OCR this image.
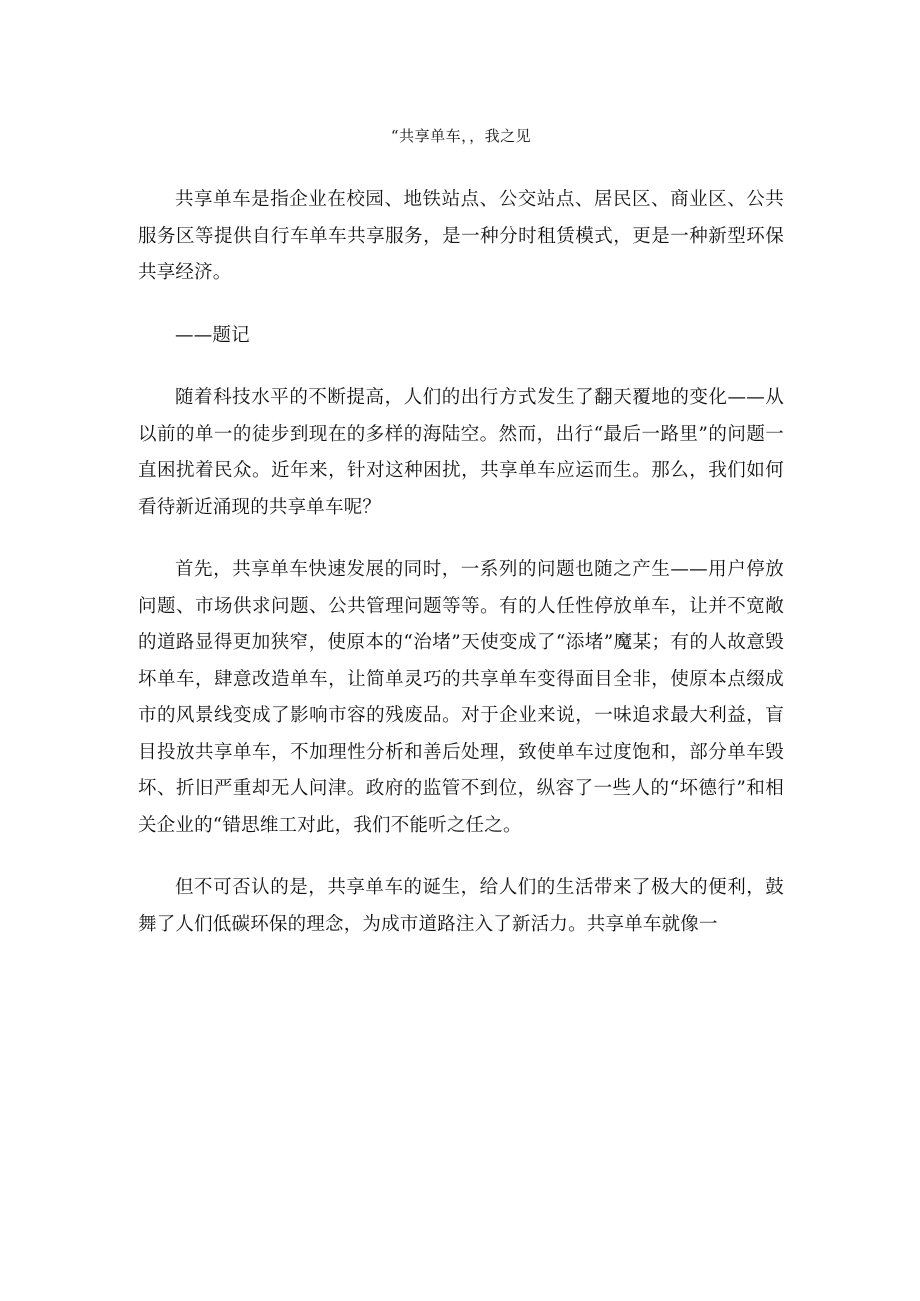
“共享单车，，我之见

共享单车是指企业在校园、地铁站点、公交站点、居民区、商业区、公共服务区等提供自行车单车共享服务，是一种分时租赁模式，更是一种新型环保共享经济。

——题记

随着科技水平的不断提高，人们的出行方式发生了翻天覆地的变化——从以前的单一的徒步到现在的多样的海陆空。然而，出行“最后一路里”的问题一直困扰着民众。近年来，针对这种困扰，共享单车应运而生。那么，我们如何看待新近涌现的共享单车呢？

首先，共享单车快速发展的同时，一系列的问题也随之产生——用户停放问题、市场供求问题、公共管理问题等等。有的人任性停放单车，让并不宽敞的道路显得更加狭窄，使原本的“治堵”天使变成了“添堵”魔某；有的人故意毁坏单车，肆意改造单车，让简单灵巧的共享单车变得面目全非，使原本点缀成市的风景线变成了影响市容的残废品。对于企业来说，一味追求最大利益，盲目投放共享单车，不加理性分析和善后处理，致使单车过度饱和，部分单车毁坏、折旧严重却无人问津。政府的监管不到位，纵容了一些人的“坏德行”和相关企业的“错思维工对此，我们不能听之任之。

但不可否认的是，共享单车的诞生，给人们的生活带来了极大的便利，鼓舞了人们低碳环保的理念，为成市道路注入了新活力。共享单车就像一
